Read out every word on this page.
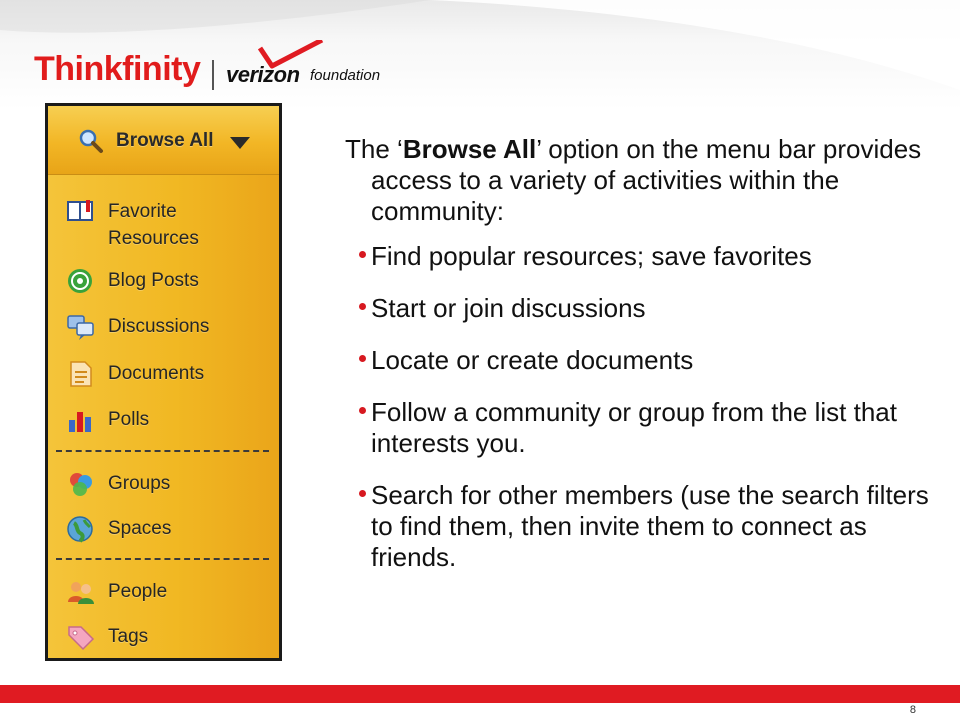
Thinkfinity verizon foundation
Browse All
Favorite
Resources
Blog Posts
Discussions
Documents
Polls
Groups
Spaces
People
Tags

The ‘Browse All’ option on the menu bar provides access to a variety of activities within the community:

Find popular resources; save favorites
Start or join discussions
Locate or create documents
Follow a community or group from the list that interests you.
Search for other members (use the search filters to find them, then invite them to connect as friends.
8
